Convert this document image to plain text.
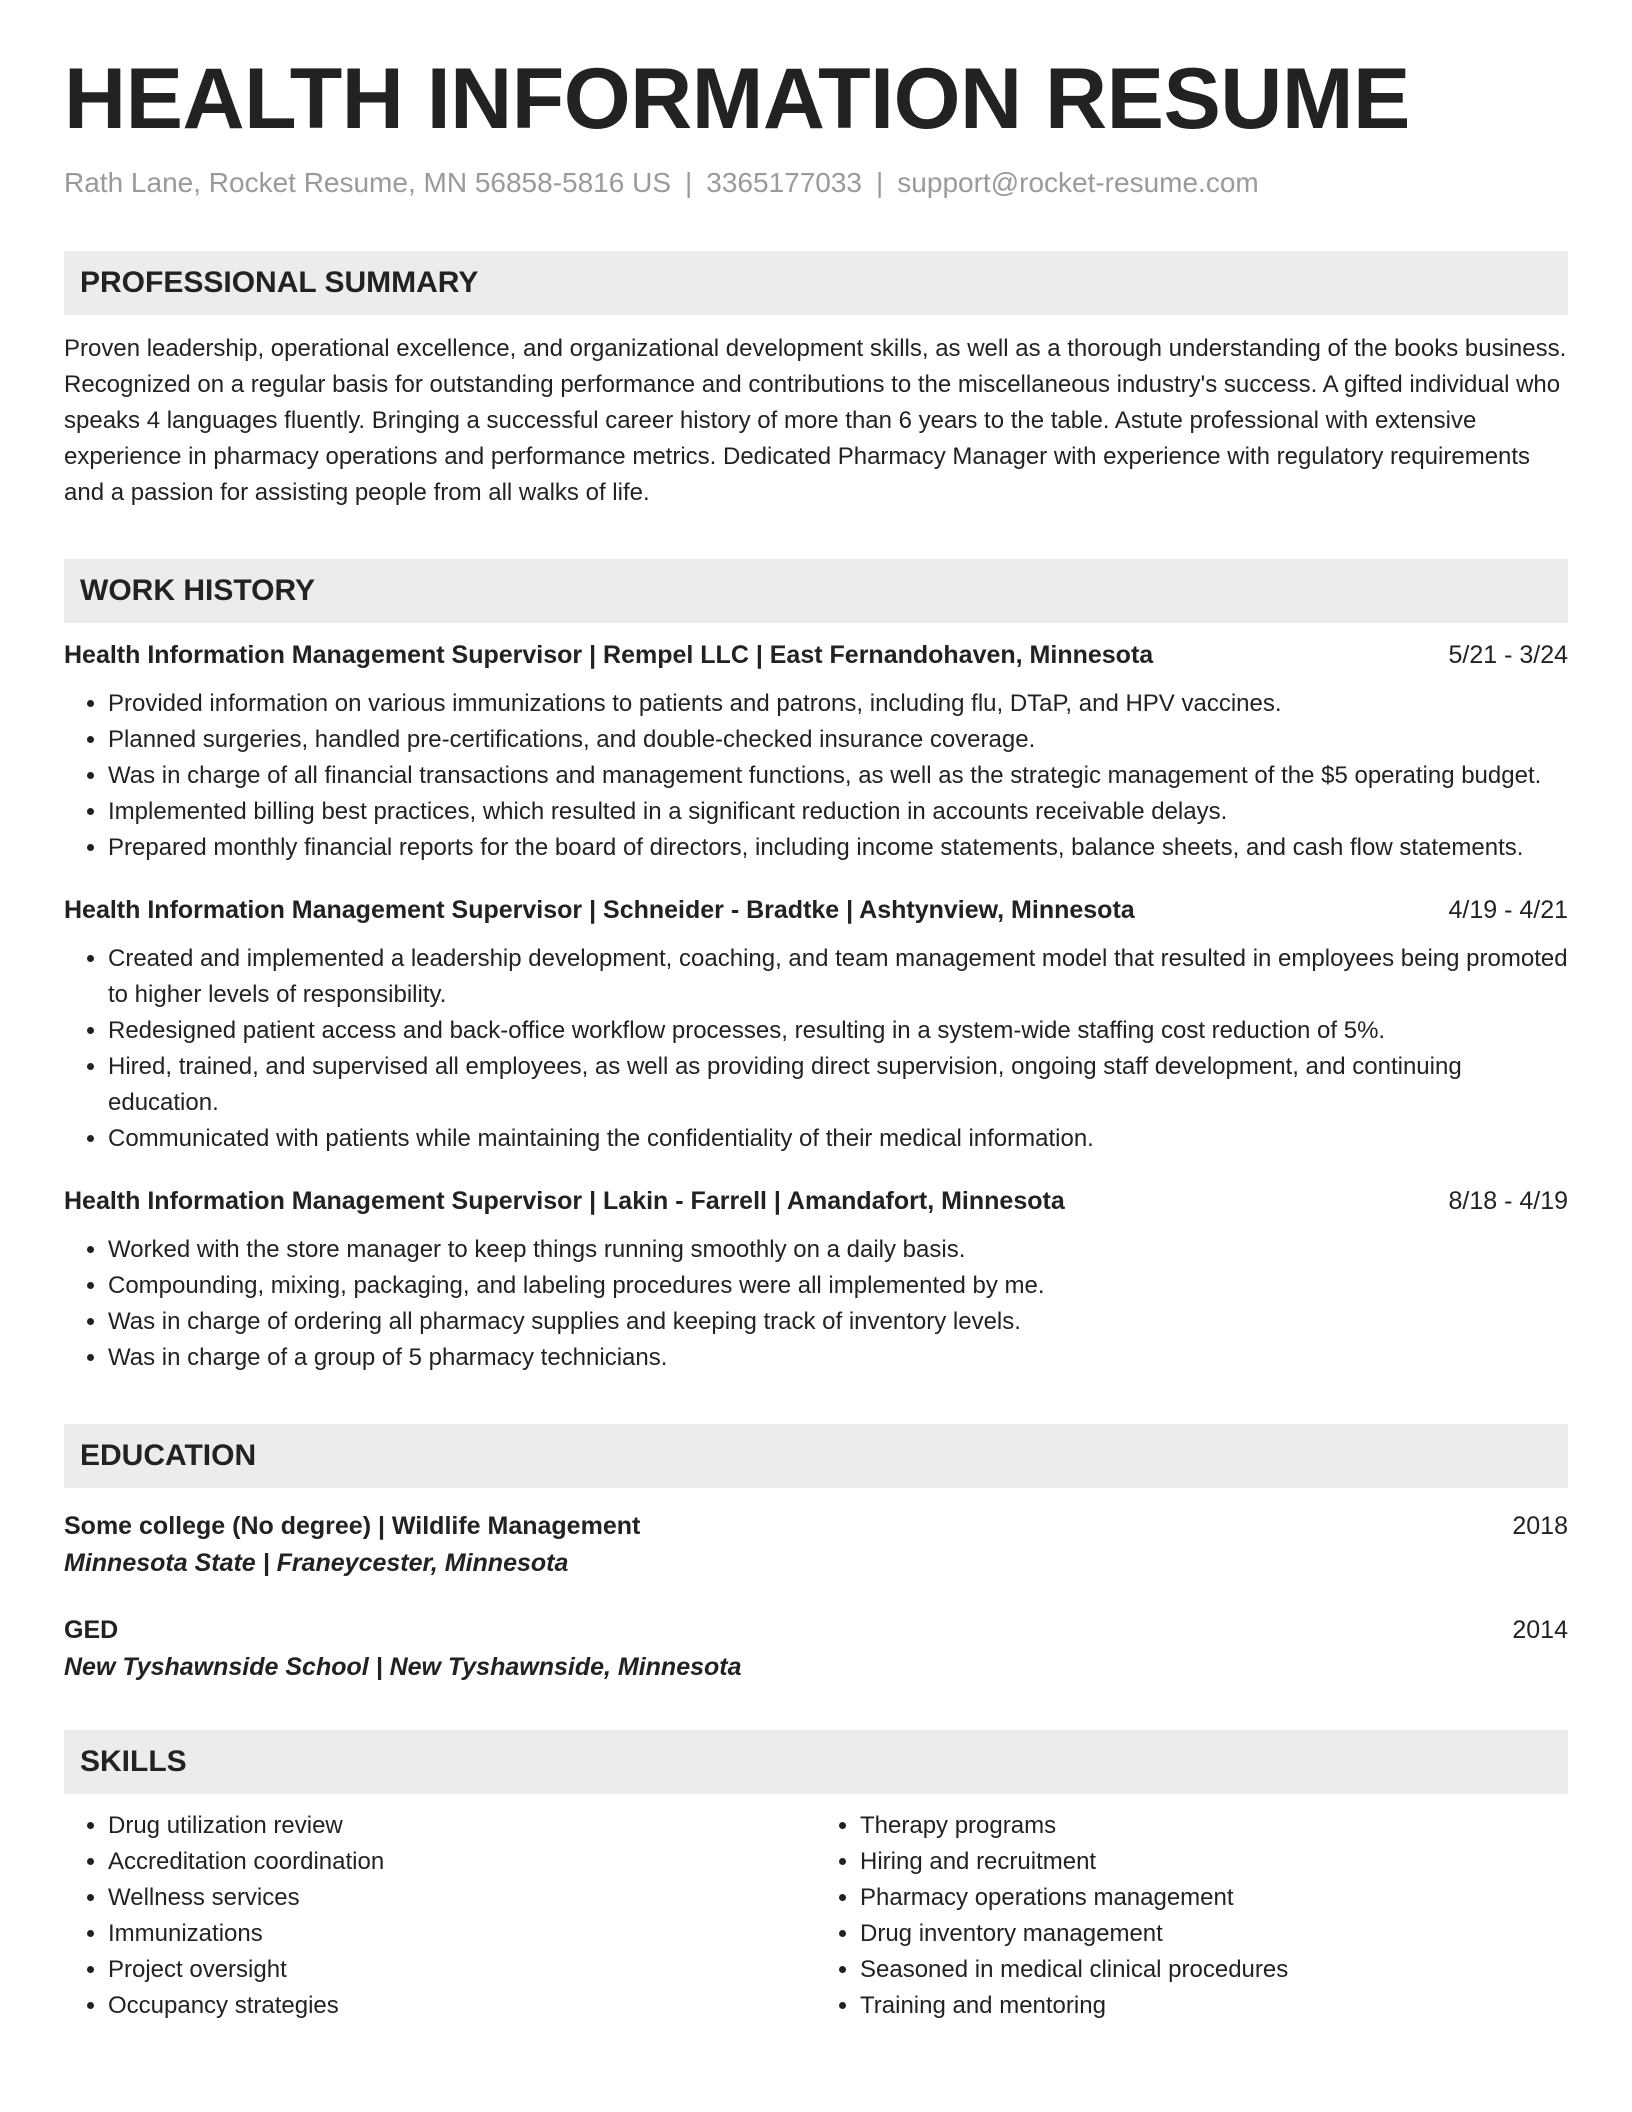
HEALTH INFORMATION RESUME
Rath Lane, Rocket Resume, MN 56858-5816 US | 3365177033 | support@rocket-resume.com
PROFESSIONAL SUMMARY
Proven leadership, operational excellence, and organizational development skills, as well as a thorough understanding of the books business. Recognized on a regular basis for outstanding performance and contributions to the miscellaneous industry's success. A gifted individual who speaks 4 languages fluently. Bringing a successful career history of more than 6 years to the table. Astute professional with extensive experience in pharmacy operations and performance metrics. Dedicated Pharmacy Manager with experience with regulatory requirements and a passion for assisting people from all walks of life.
WORK HISTORY
Health Information Management Supervisor | Rempel LLC | East Fernandohaven, Minnesota	5/21 - 3/24
• Provided information on various immunizations to patients and patrons, including flu, DTaP, and HPV vaccines.
• Planned surgeries, handled pre-certifications, and double-checked insurance coverage.
• Was in charge of all financial transactions and management functions, as well as the strategic management of the $5 operating budget.
• Implemented billing best practices, which resulted in a significant reduction in accounts receivable delays.
• Prepared monthly financial reports for the board of directors, including income statements, balance sheets, and cash flow statements.
Health Information Management Supervisor | Schneider - Bradtke | Ashtynview, Minnesota	4/19 - 4/21
• Created and implemented a leadership development, coaching, and team management model that resulted in employees being promoted to higher levels of responsibility.
• Redesigned patient access and back-office workflow processes, resulting in a system-wide staffing cost reduction of 5%.
• Hired, trained, and supervised all employees, as well as providing direct supervision, ongoing staff development, and continuing education.
• Communicated with patients while maintaining the confidentiality of their medical information.
Health Information Management Supervisor | Lakin - Farrell | Amandafort, Minnesota	8/18 - 4/19
• Worked with the store manager to keep things running smoothly on a daily basis.
• Compounding, mixing, packaging, and labeling procedures were all implemented by me.
• Was in charge of ordering all pharmacy supplies and keeping track of inventory levels.
• Was in charge of a group of 5 pharmacy technicians.
EDUCATION
Some college (No degree) | Wildlife Management	2018
Minnesota State | Franeycester, Minnesota
GED	2014
New Tyshawnside School | New Tyshawnside, Minnesota
SKILLS
• Drug utilization review
• Accreditation coordination
• Wellness services
• Immunizations
• Project oversight
• Occupancy strategies
• Therapy programs
• Hiring and recruitment
• Pharmacy operations management
• Drug inventory management
• Seasoned in medical clinical procedures
• Training and mentoring
